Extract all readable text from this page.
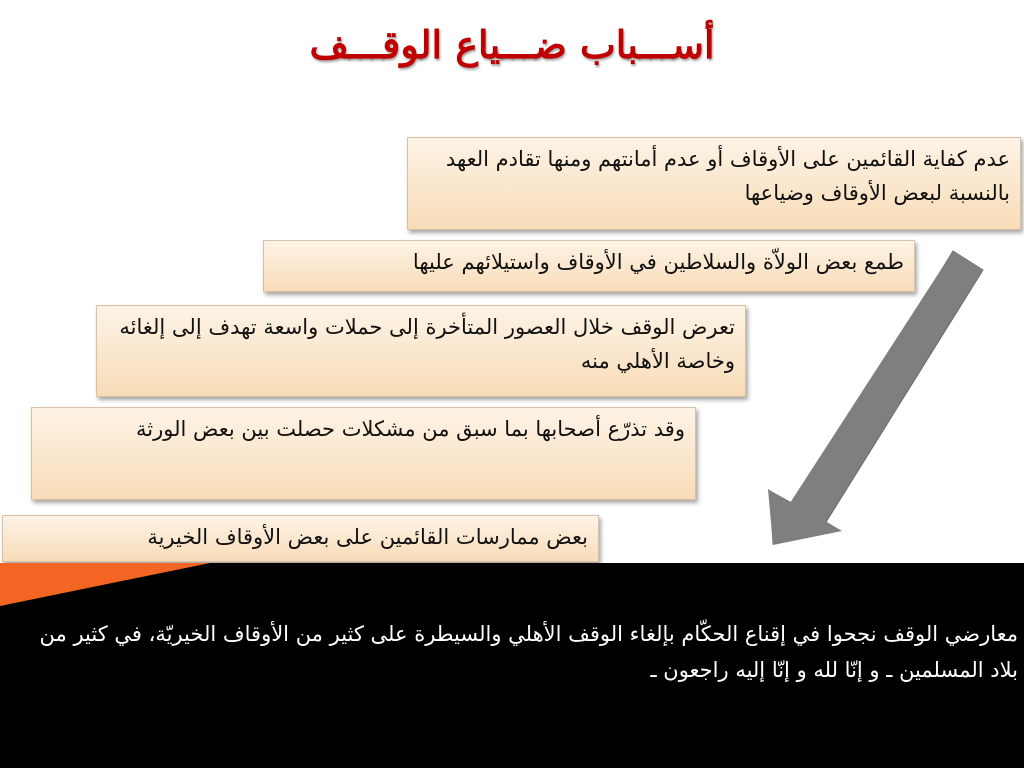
أســـباب ضـــياع الوقـــف
عدم كفاية القائمين على الأوقاف أو عدم أمانتهم ومنها تقادم العهد بالنسبة لبعض الأوقاف وضياعها
طمع بعض الولاّة والسلاطين في الأوقاف واستيلائهم عليها
تعرض الوقف خلال العصور المتأخرة إلى حملات واسعة تهدف إلى إلغائه وخاصة الأهلي منه
وقد تذرّع أصحابها بما سبق من مشكلات حصلت بين بعض الورثة
بعض ممارسات القائمين على بعض الأوقاف الخيرية
معارضي الوقف نجحوا في إقناع الحكّام بإلغاء الوقف الأهلي والسيطرة على كثير من الأوقاف الخيريّة، في كثير من بلاد المسلمين ـ و إنّا لله و إنّا إليه راجعون ـ
